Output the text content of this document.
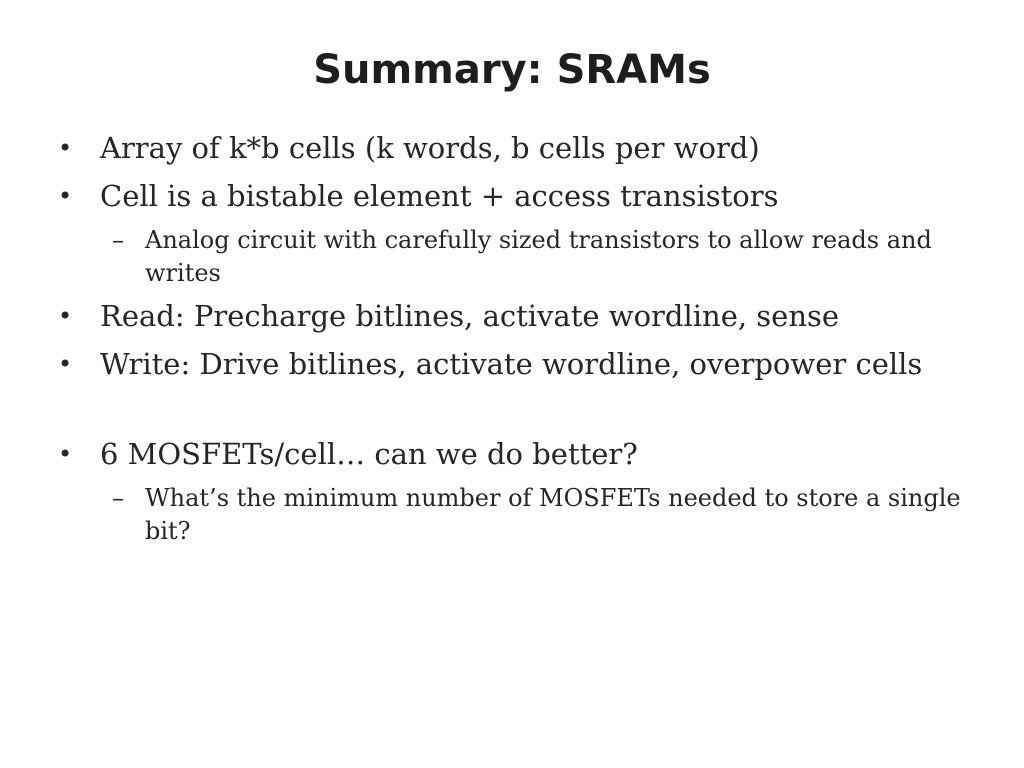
Summary: SRAMs
• Array of k*b cells (k words, b cells per word)
• Cell is a bistable element + access transistors
– Analog circuit with carefully sized transistors to allow reads and writes
• Read: Precharge bitlines, activate wordline, sense
• Write: Drive bitlines, activate wordline, overpower cells
• 6 MOSFETs/cell… can we do better?
– What’s the minimum number of MOSFETs needed to store a single bit?
